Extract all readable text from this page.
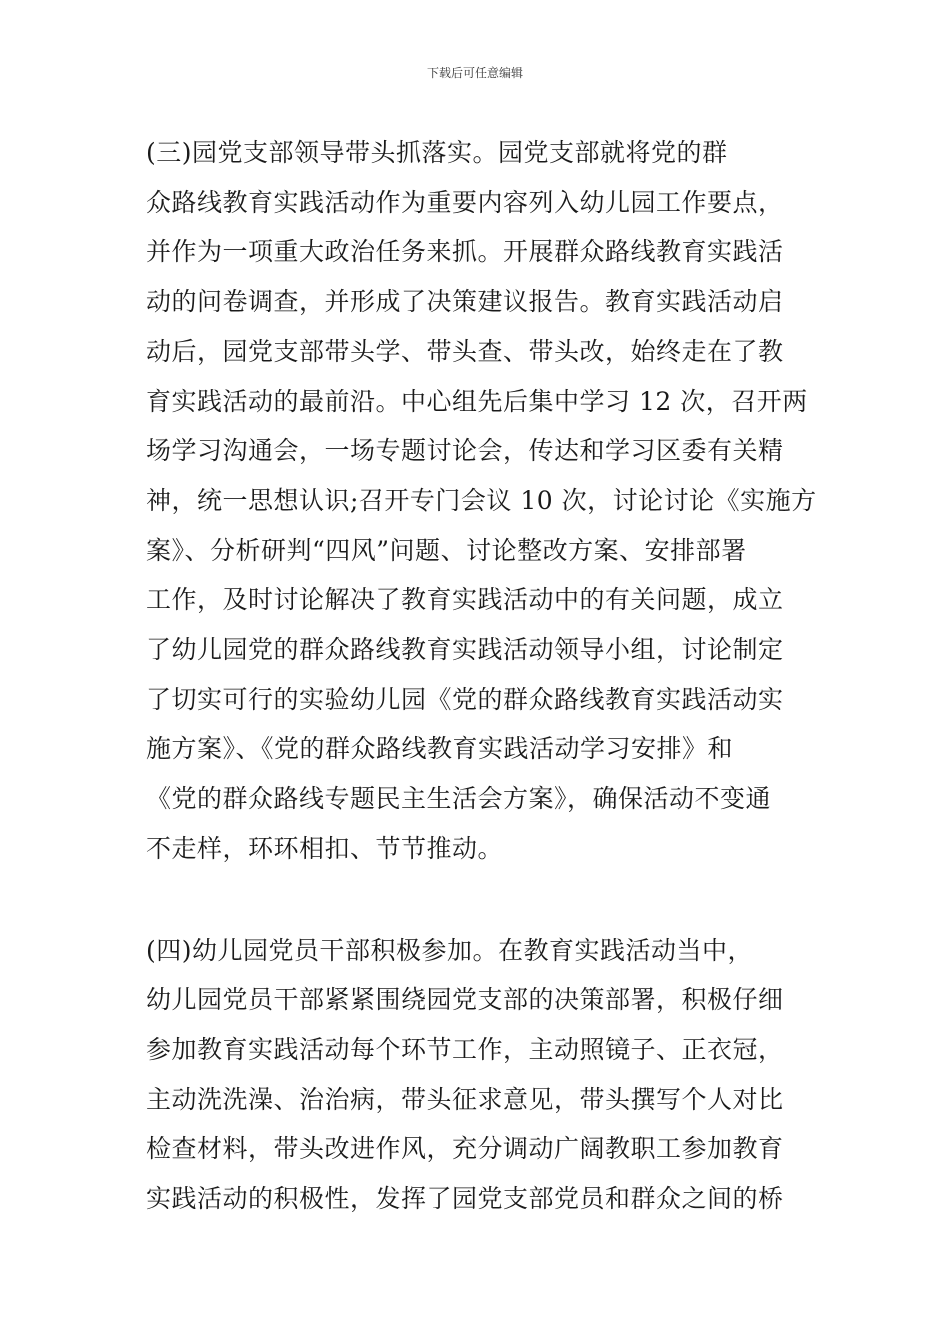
下载后可任意编辑

(三)园党支部领导带头抓落实。园党支部就将党的群
众路线教育实践活动作为重要内容列入幼儿园工作要点，
并作为一项重大政治任务来抓。开展群众路线教育实践活
动的问卷调查，并形成了决策建议报告。教育实践活动启
动后，园党支部带头学、带头查、带头改，始终走在了教
育实践活动的最前沿。中心组先后集中学习 12 次，召开两
场学习沟通会，一场专题讨论会，传达和学习区委有关精
神，统一思想认识;召开专门会议 10 次，讨论讨论《实施方
案》、分析研判“四风”问题、讨论整改方案、安排部署
工作，及时讨论解决了教育实践活动中的有关问题，成立
了幼儿园党的群众路线教育实践活动领导小组，讨论制定
了切实可行的实验幼儿园《党的群众路线教育实践活动实
施方案》、《党的群众路线教育实践活动学习安排》和
《党的群众路线专题民主生活会方案》，确保活动不变通
不走样，环环相扣、节节推动。

(四)幼儿园党员干部积极参加。在教育实践活动当中，
幼儿园党员干部紧紧围绕园党支部的决策部署，积极仔细
参加教育实践活动每个环节工作，主动照镜子、正衣冠，
主动洗洗澡、治治病，带头征求意见，带头撰写个人对比
检查材料，带头改进作风，充分调动广阔教职工参加教育
实践活动的积极性，发挥了园党支部党员和群众之间的桥
